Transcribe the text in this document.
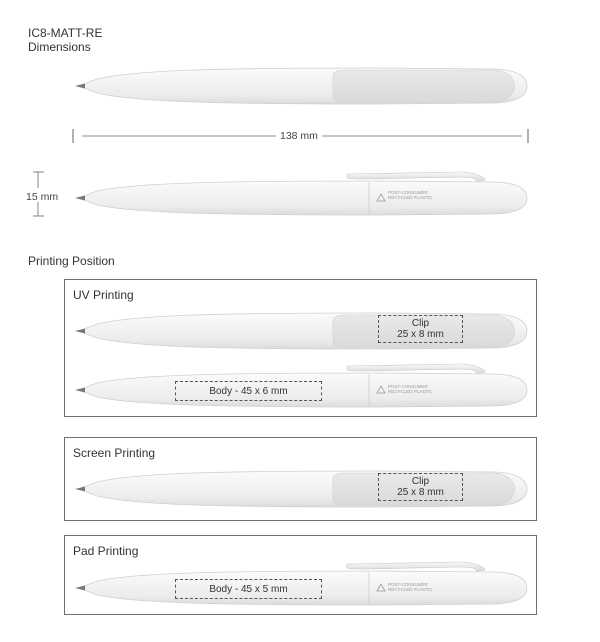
IC8-MATT-RE
Dimensions
138 mm
15 mm	POST-CONSUMER
RECYCLED PLASTIC
Printing Position
UV Printing
Clip
25 x 8 mm
POST-CONSUMER
RECYCLED PLASTIC
Body - 45 x 6 mm
Screen Printing
Clip
25 x 8 mm
Pad Printing
POST-CONSUMER
RECYCLED PLASTIC
Body - 45 x 5 mm
